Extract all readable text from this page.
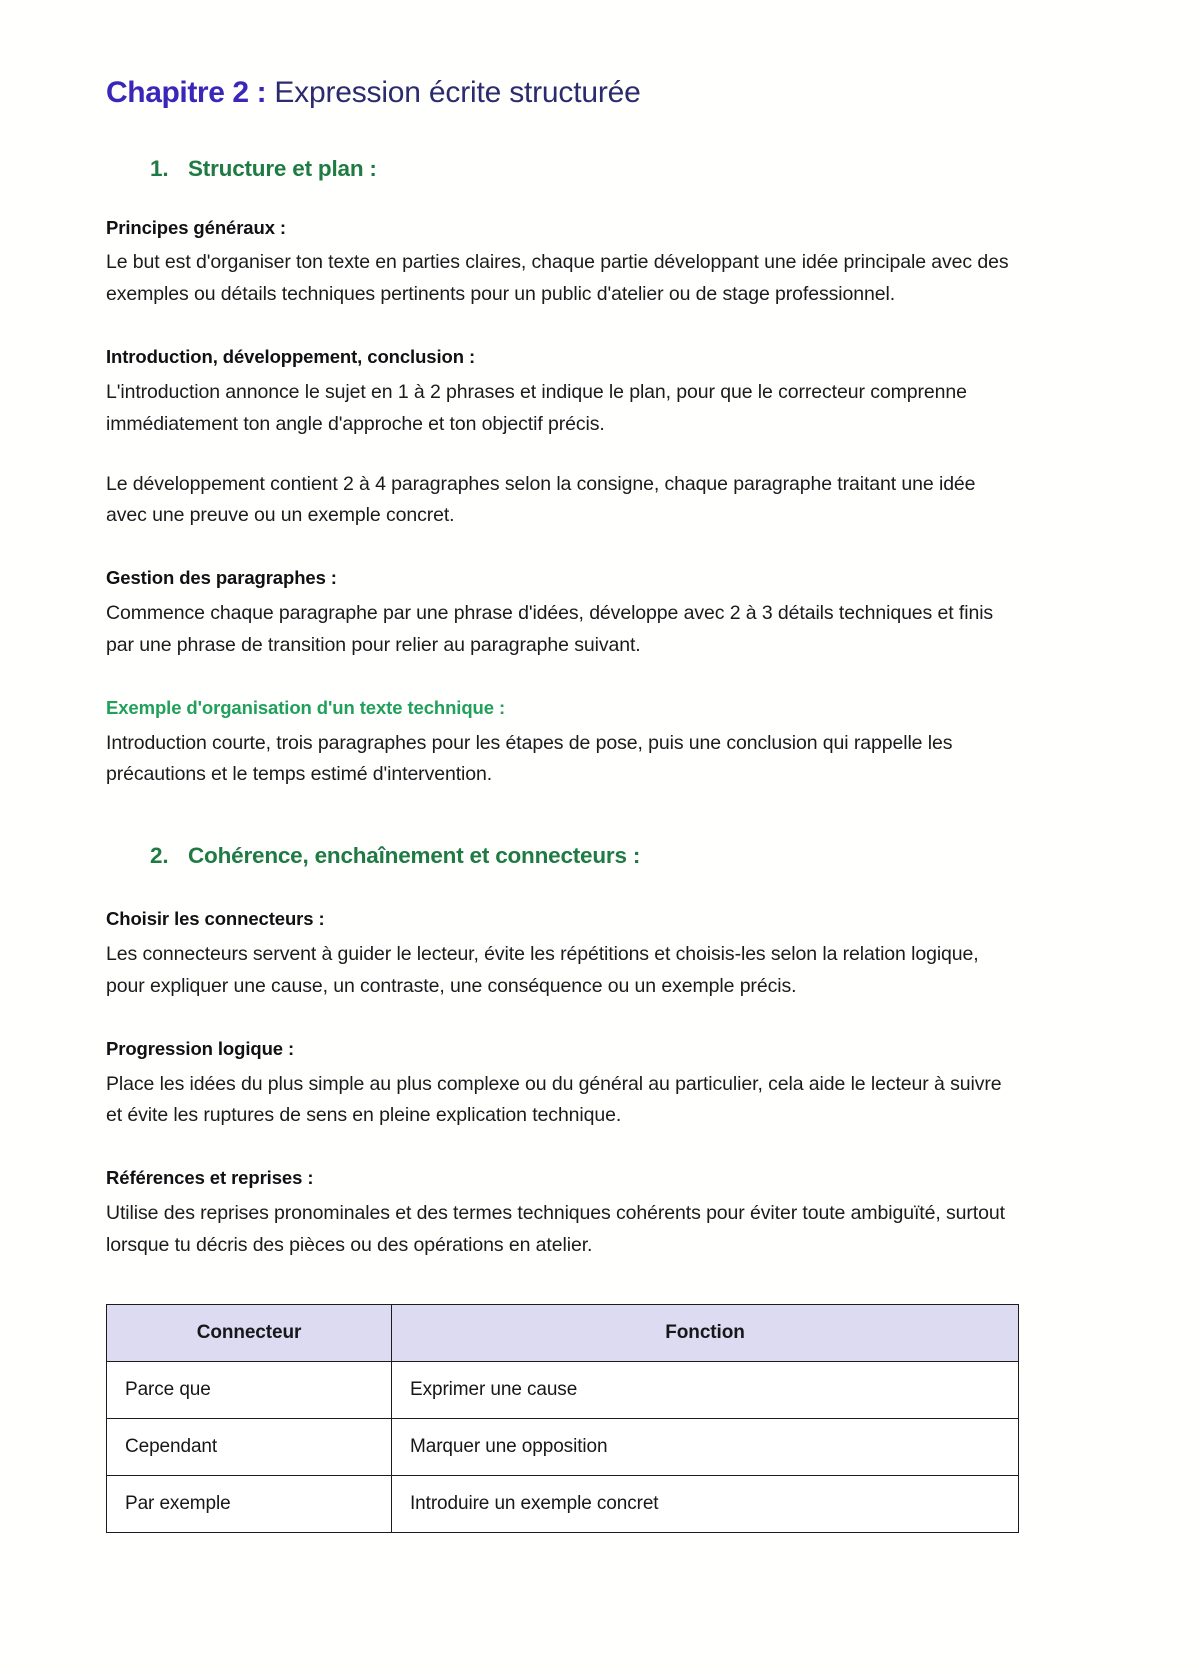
Chapitre 2 : Expression écrite structurée
1. Structure et plan :
Principes généraux :

Le but est d'organiser ton texte en parties claires, chaque partie développant une idée principale avec des exemples ou détails techniques pertinents pour un public d'atelier ou de stage professionnel.

Introduction, développement, conclusion :

L'introduction annonce le sujet en 1 à 2 phrases et indique le plan, pour que le correcteur comprenne immédiatement ton angle d'approche et ton objectif précis.

Le développement contient 2 à 4 paragraphes selon la consigne, chaque paragraphe traitant une idée avec une preuve ou un exemple concret.

Gestion des paragraphes :

Commence chaque paragraphe par une phrase d'idées, développe avec 2 à 3 détails techniques et finis par une phrase de transition pour relier au paragraphe suivant.

Exemple d'organisation d'un texte technique :

Introduction courte, trois paragraphes pour les étapes de pose, puis une conclusion qui rappelle les précautions et le temps estimé d'intervention.

2. Cohérence, enchaînement et connecteurs :
Choisir les connecteurs :

Les connecteurs servent à guider le lecteur, évite les répétitions et choisis-les selon la relation logique, pour expliquer une cause, un contraste, une conséquence ou un exemple précis.

Progression logique :

Place les idées du plus simple au plus complexe ou du général au particulier, cela aide le lecteur à suivre et évite les ruptures de sens en pleine explication technique.

Références et reprises :

Utilise des reprises pronominales et des termes techniques cohérents pour éviter toute ambiguïté, surtout lorsque tu décris des pièces ou des opérations en atelier.

Connecteur	Fonction
Parce que	Exprimer une cause
Cependant	Marquer une opposition
Par exemple	Introduire un exemple concret
